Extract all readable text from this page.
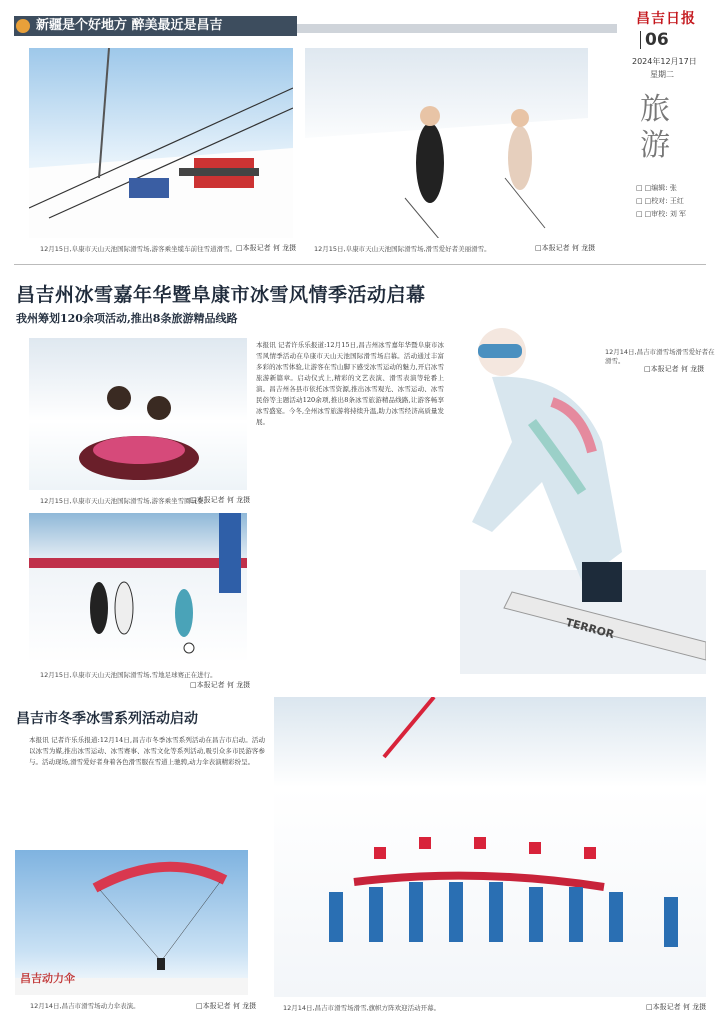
新疆是个好地方 醉美最近是昌吉	昌吉日报
06
2024年12月17日
星期二
旅游
□ □编辑: 张
□ □校对: 王红
□ □审校: 刘 军
12月15日,阜康市天山天池国际滑雪场,游客乘坐缆车前往雪道滑雪。 □本报记者 何 龙摄	12月15日,阜康市天山天池国际滑雪场,滑雪爱好者美丽滑雪。	□本报记者 何 龙摄
昌吉州冰雪嘉年华暨阜康市冰雪风情季活动启幕
我州筹划120余项活动,推出8条旅游精品线路
12月15日,阜康市天山天池国际滑雪场,游客乘坐雪圈玩耍。
□本报记者 何 龙摄
12月15日,阜康市天山天池国际滑雪场,雪地足球赛正在进行。
□本报记者 何 龙摄
本报讯 记者许乐乐报道:12月15日,昌吉州冰雪嘉年华暨阜康市冰雪风情季活动在阜康市天山天池国际滑雪场启幕。活动通过丰富多彩的冰雪体验,让游客在雪山脚下感受冰雪运动的魅力,开启冰雪旅游新篇章。启动仪式上,精彩的文艺表演、滑雪表演等轮番上演。昌吉州各县市依托冰雪资源,推出冰雪观光、冰雪运动、冰雪民俗等主题活动120余项,推出8条冰雪旅游精品线路,让游客畅享冰雪盛宴。今冬,全州冰雪旅游将持续升温,助力冰雪经济高质量发展。
12月14日,昌吉市滑雪场滑雪爱好者在滑雪。
□本报记者 何 龙摄
TERROR
昌吉市冬季冰雪系列活动启动
本报讯 记者许乐乐报道:12月14日,昌吉市冬季冰雪系列活动在昌吉市启动。活动以冰雪为媒,推出冰雪运动、冰雪赛事、冰雪文化等系列活动,吸引众多市民游客参与。活动现场,滑雪爱好者身着各色滑雪服在雪道上驰骋,动力伞表演精彩纷呈。
昌吉动力伞
12月14日,昌吉市滑雪场动力伞表演。	□本报记者 何 龙摄	12月14日,昌吉市滑雪场滑雪,旗帜方阵欢迎活动开幕。	□本报记者 何 龙摄
